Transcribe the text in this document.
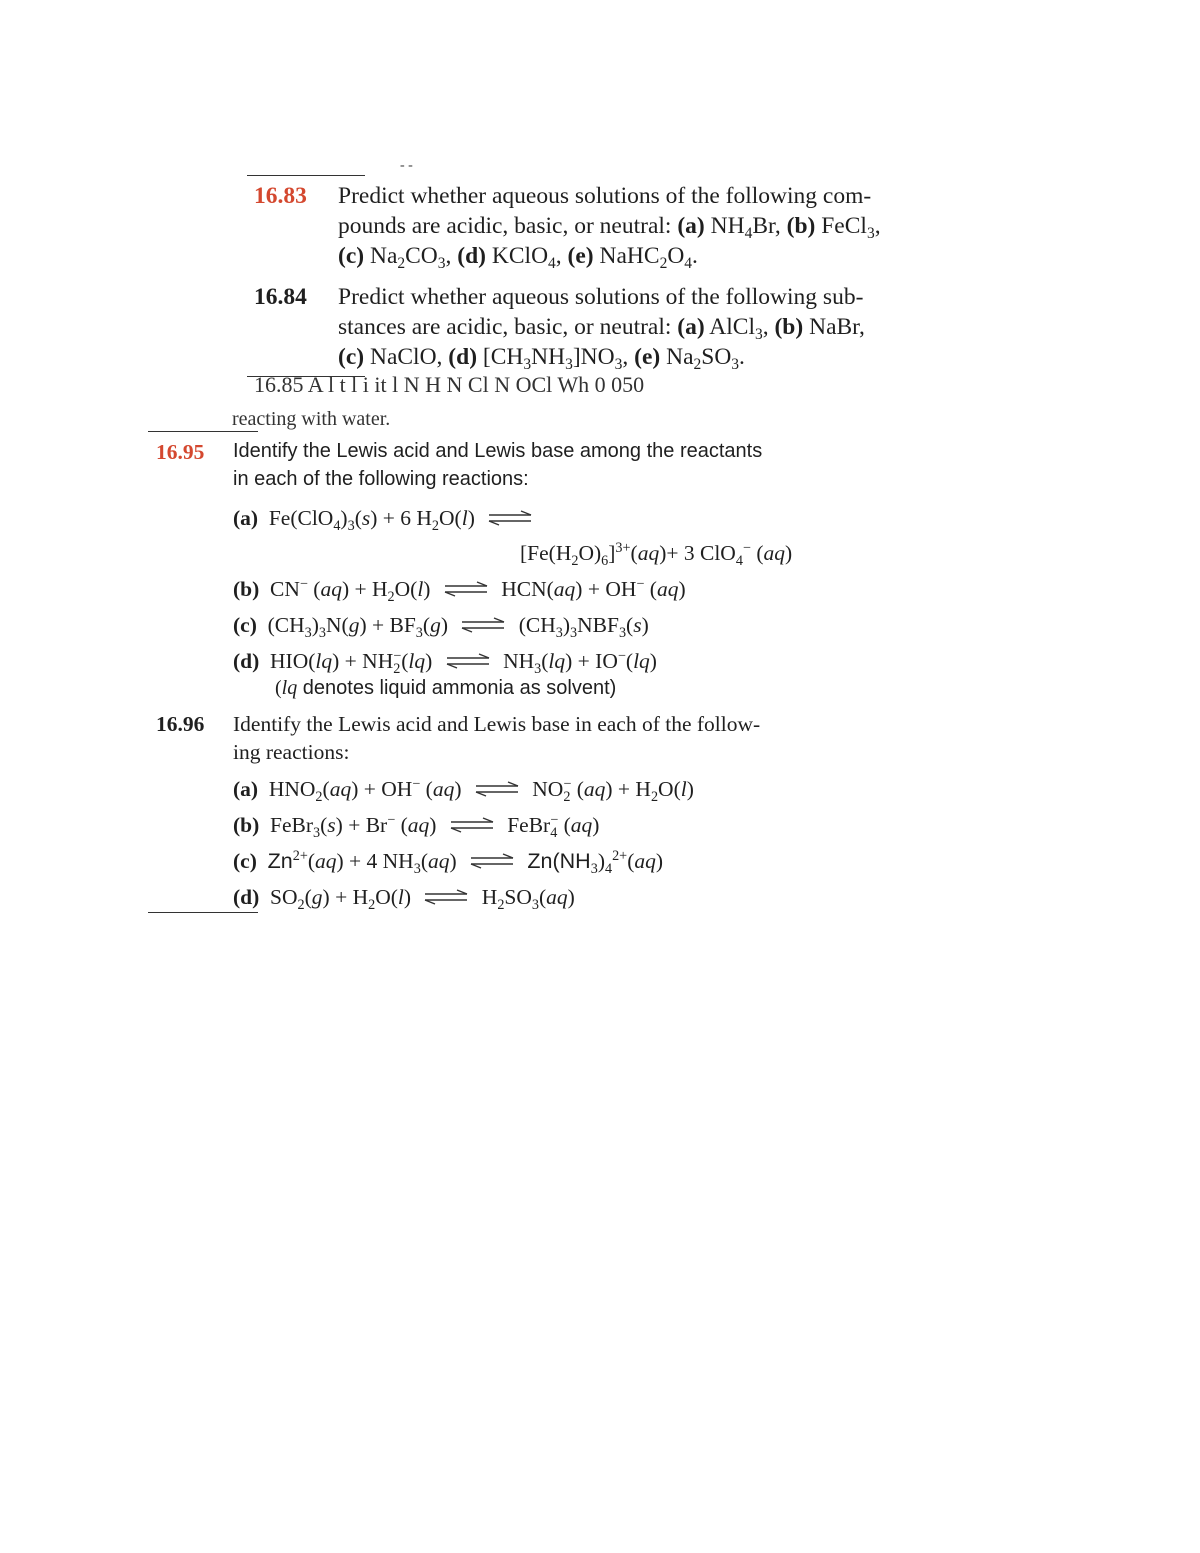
- -
16.83 Predict whether aqueous solutions of the following com-
pounds are acidic, basic, or neutral: (a) $NH_4Br$, (b) FeCl$_3$,
(c) $Na_2CO_3$, (d) KClO$_4$, (e) $NaHC_2O_4$.
16.84 Predict whether aqueous solutions of the following sub-
stances are acidic, basic, or neutral: (a) AlCl$_3$, (b) NaBr,
(c) NaClO, (d) $[CH_3NH_3]NO_3$, (e) $Na_2SO_3$.
16.85 A l t l i it l N H N Cl N OCl Wh 0 050
reacting with water.
16.95 Identify the Lewis acid and Lewis base among the reactants
in each of the following reactions:
(a) $Fe(ClO_4)_3(s) + 6$ $H_2O(l)$ ⇌
$[Fe(H_2O)_6]^{3+}(aq)+ 3$ ClO$_4$− (aq)
(b) CN− $(aq) + H_2O(l)$ ⇌ HCN(aq) + OH− (aq)
(c) $(CH_3)_3N(g) + BF_3(g)$ ⇌ $(CH_3)_3NBF_3(s)$
(d) $HIO(lq) + NH_2^-(lq)$ ⇌ $NH_3(lq) + IO^-(lq)$
(lq denotes liquid ammonia as solvent)
16.96 Identify the Lewis acid and Lewis base in each of the follow-
ing reactions:
(a) $HNO_2(aq) + OH^-$ (aq) ⇌ $NO_2^-$ $(aq) + H_2O(l)$
(b) FeBr$_3$(s) + Br− (aq) ⇌ FeBr$_4$− (aq)
(c) $Zn^{2+}(aq) + 4$ $NH_3(aq)$ ⇌ $Zn(NH_3)_4^{2+}(aq)$
(d) $SO_2(g) + H_2O(l)$ ⇌ $H_2SO_3(aq)$
